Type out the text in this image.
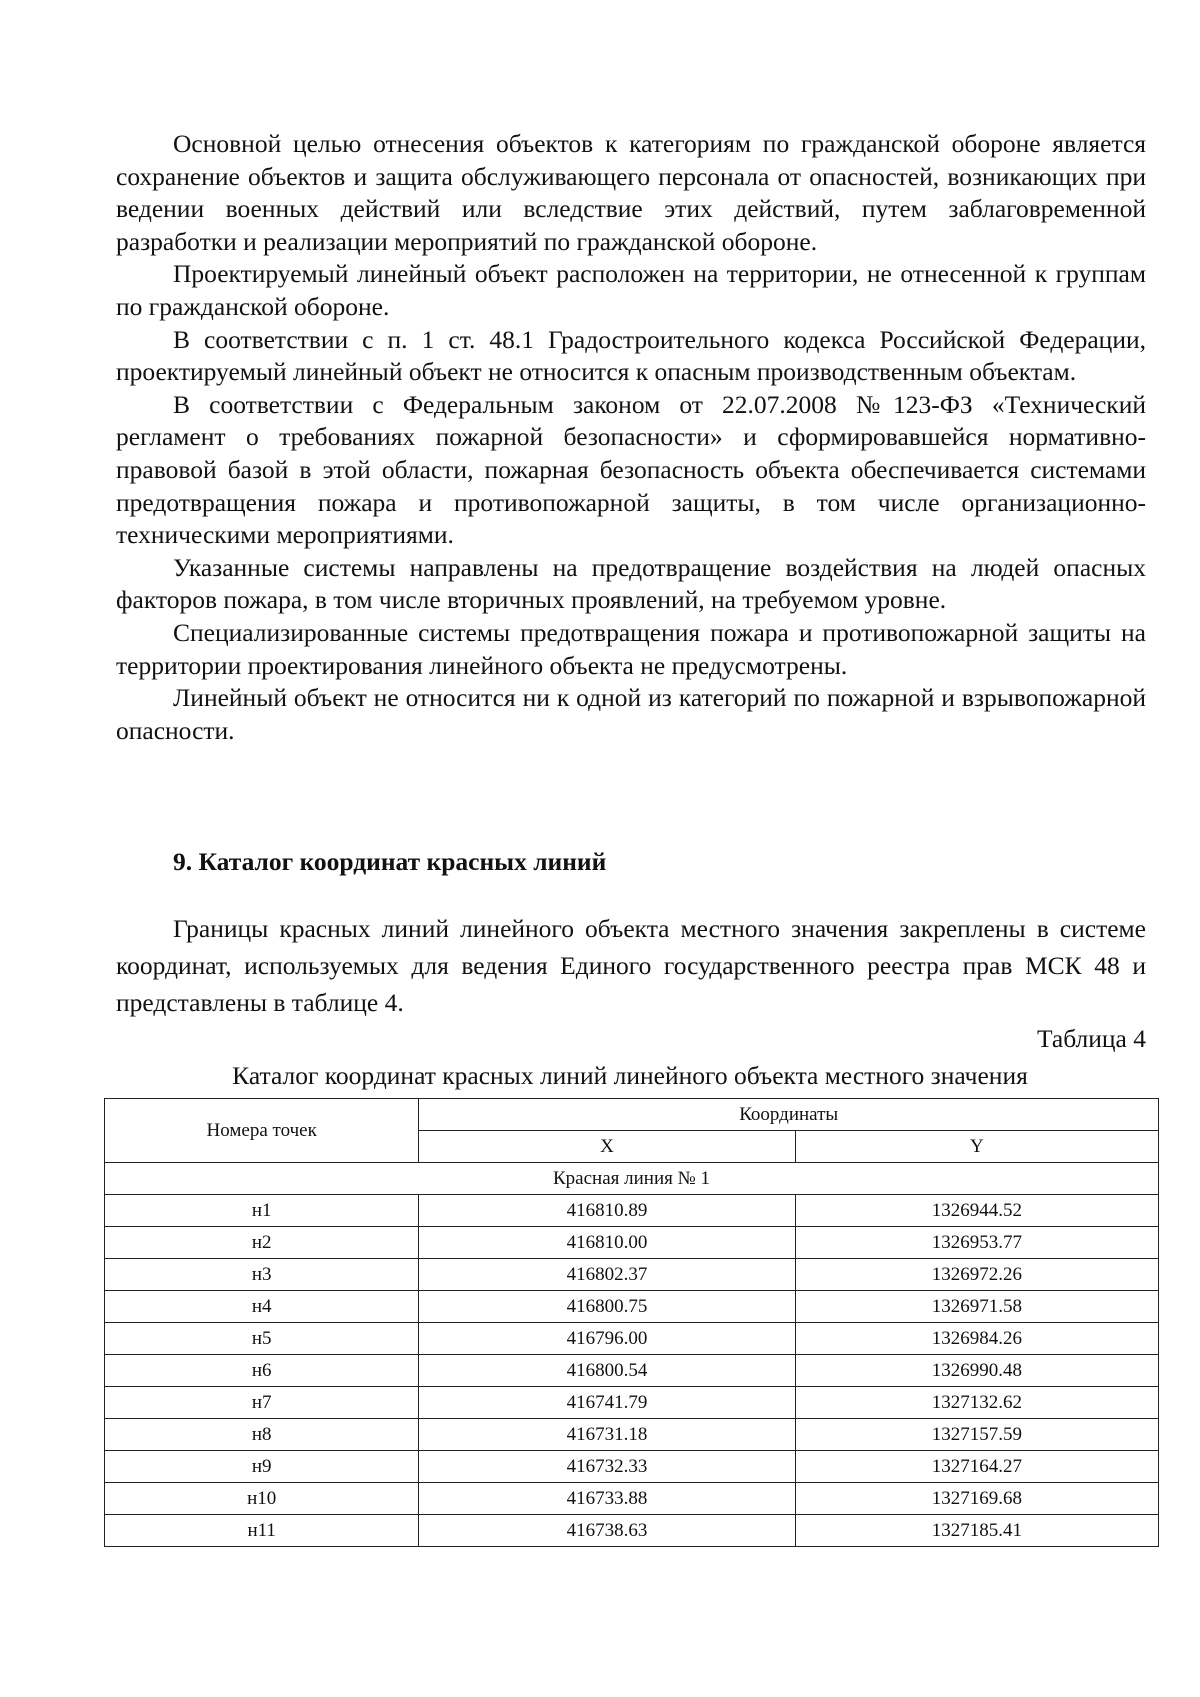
Основной целью отнесения объектов к категориям по гражданской обороне является сохранение объектов и защита обслуживающего персонала от опасностей, возникающих при ведении военных действий или вследствие этих действий, путем заблаговременной разработки и реализации мероприятий по гражданской обороне.

Проектируемый линейный объект расположен на территории, не отнесенной к группам по гражданской обороне.

В соответствии с п. 1 ст. 48.1 Градостроительного кодекса Российской Федерации, проектируемый линейный объект не относится к опасным производственным объектам.

В соответствии с Федеральным законом от 22.07.2008 №123-ФЗ «Технический регламент о требованиях пожарной безопасности» и сформировавшейся нормативно-правовой базой в этой области, пожарная безопасность объекта обеспечивается системами предотвращения пожара и противопожарной защиты, в том числе организационно-техническими мероприятиями.

Указанные системы направлены на предотвращение воздействия на людей опасных факторов пожара, в том числе вторичных проявлений, на требуемом уровне.

Специализированные системы предотвращения пожара и противопожарной защиты на территории проектирования линейного объекта не предусмотрены.

Линейный объект не относится ни к одной из категорий по пожарной и взрывопожарной опасности.

9. Каталог координат красных линий

Границы красных линий линейного объекта местного значения закреплены в системе координат, используемых для ведения Единого государственного реестра прав МСК 48 и представлены в таблице 4.

Таблица 4
Каталог координат красных линий линейного объекта местного значения
Номера точек	Координаты	
	X	Y
Красная линия № 1		
н1	416810.89	1326944.52
н2	416810.00	1326953.77
н3	416802.37	1326972.26
н4	416800.75	1326971.58
н5	416796.00	1326984.26
н6	416800.54	1326990.48
н7	416741.79	1327132.62
н8	416731.18	1327157.59
н9	416732.33	1327164.27
н10	416733.88	1327169.68
н11	416738.63	1327185.41
